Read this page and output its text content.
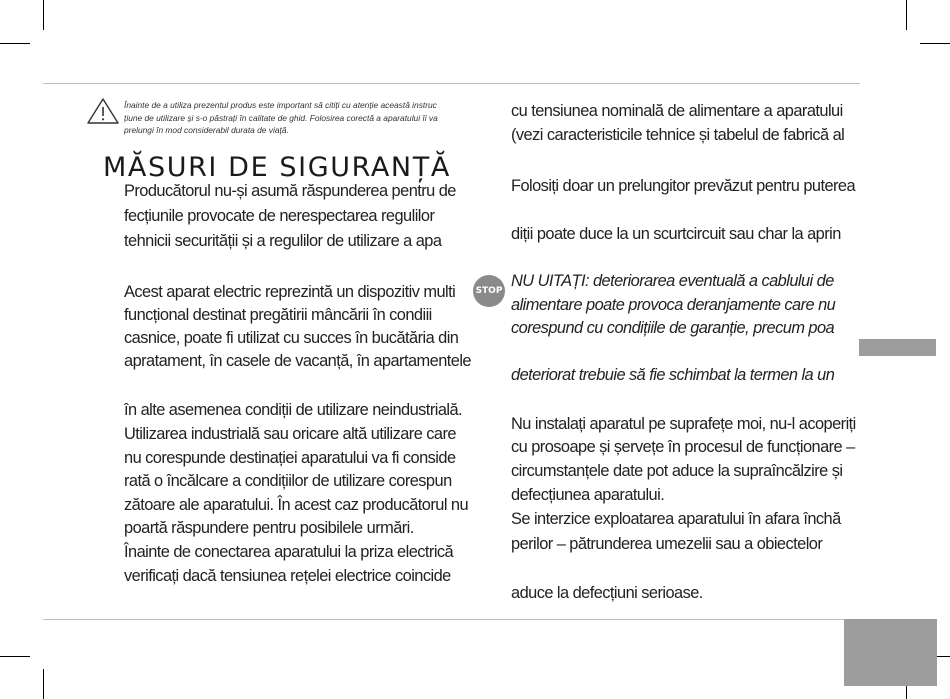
Înainte de a utiliza prezentul produs este important să citiți cu atenție această instruc
țiune de utilizare și s-o păstrați în calitate de ghid. Folosirea corectă a aparatului îi va
prelungi în mod considerabil durata de viață.
MĂSURI DE SIGURANȚĂ
Producătorul nu-și asumă răspunderea pentru de
fecțiunile provocate de nerespectarea regulilor
tehnicii securității și a regulilor de utilizare a apa
Acest aparat electric reprezintă un dispozitiv multi
funcțional destinat pregătirii mâncării în condiii
casnice, poate fi utilizat cu succes în bucătăria din
apratament, în casele de vacanță, în apartamentele
în alte asemenea condiții de utilizare neindustrială.
Utilizarea industrială sau oricare altă utilizare care
nu corespunde destinației aparatului va fi conside
rată o încălcare a condițiilor de utilizare corespun
zătoare ale aparatului. În acest caz producătorul nu
poartă răspundere pentru posibilele urmări.
Înainte de conectarea aparatului la priza electrică
verificați dacă tensiunea rețelei electrice coincide
STOP
cu tensiunea nominală de alimentare a aparatului
(vezi caracteristicile tehnice și tabelul de fabrică al
Folosiți doar un prelungitor prevăzut pentru puterea
diții poate duce la un scurtcircuit sau char la aprin
NU UITAȚI: deteriorarea eventuală a cablului de
alimentare poate provoca deranjamente care nu
corespund cu condițiile de garanție, precum poa
deteriorat trebuie să fie schimbat la termen la un
Nu instalați aparatul pe suprafețe moi, nu-l acoperiți
cu prosoape și șervețe în procesul de funcționare –
circumstanțele date pot aduce la supraîncălzire și
defecțiunea aparatului.
Se interzice exploatarea aparatului în afara închă
perilor – pătrunderea umezelii sau a obiectelor
aduce la defecțiuni serioase.
